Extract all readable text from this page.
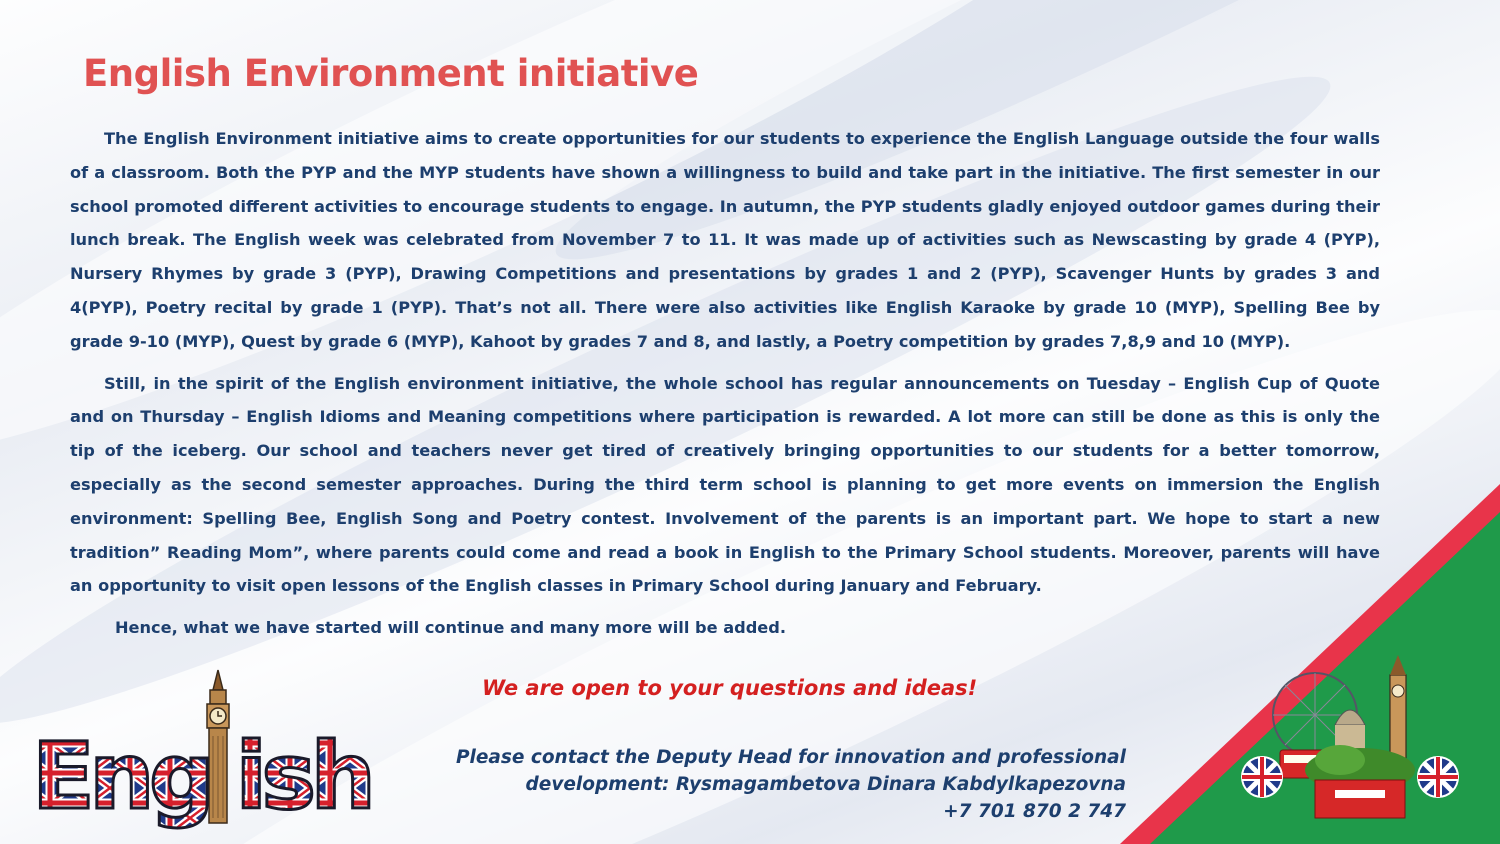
English Environment initiative

The English Environment initiative aims to create opportunities for our students to experience the English Language outside the four walls of a classroom. Both the PYP and the MYP students have shown a willingness to build and take part in the initiative. The first semester in our school promoted different activities to encourage students to engage. In autumn, the PYP students gladly enjoyed outdoor games during their lunch break. The English week was celebrated from November 7 to 11. It was made up of activities such as Newscasting by grade 4 (PYP), Nursery Rhymes by grade 3 (PYP), Drawing Competitions and presentations by grades 1 and 2 (PYP), Scavenger Hunts by grades 3 and 4(PYP), Poetry recital by grade 1 (PYP). That’s not all. There were also activities like English Karaoke by grade 10 (MYP), Spelling Bee by grade 9-10 (MYP), Quest by grade 6 (MYP), Kahoot by grades 7 and 8, and lastly, a Poetry competition by grades 7,8,9 and 10 (MYP).

Still, in the spirit of the English environment initiative, the whole school has regular announcements on Tuesday – English Cup of Quote and on Thursday – English Idioms and Meaning competitions where participation is rewarded. A lot more can still be done as this is only the tip of the iceberg. Our school and teachers never get tired of creatively bringing opportunities to our students for a better tomorrow, especially as the second semester approaches. During the third term school is planning to get more events on immersion the English environment: Spelling Bee, English Song and Poetry contest. Involvement of the parents is an important part. We hope to start a new tradition” Reading Mom”, where parents could come and read a book in English to the Primary School students. Moreover, parents will have an opportunity to visit open lessons of the English classes in Primary School during January and February.

Hence, what we have started will continue and many more will be added.

We are open to your questions and ideas!
Please contact the Deputy Head for innovation and professional
development: Rysmagambetova Dinara Kabdylkapezovna
+7 701 870 2 747
Eng ish
